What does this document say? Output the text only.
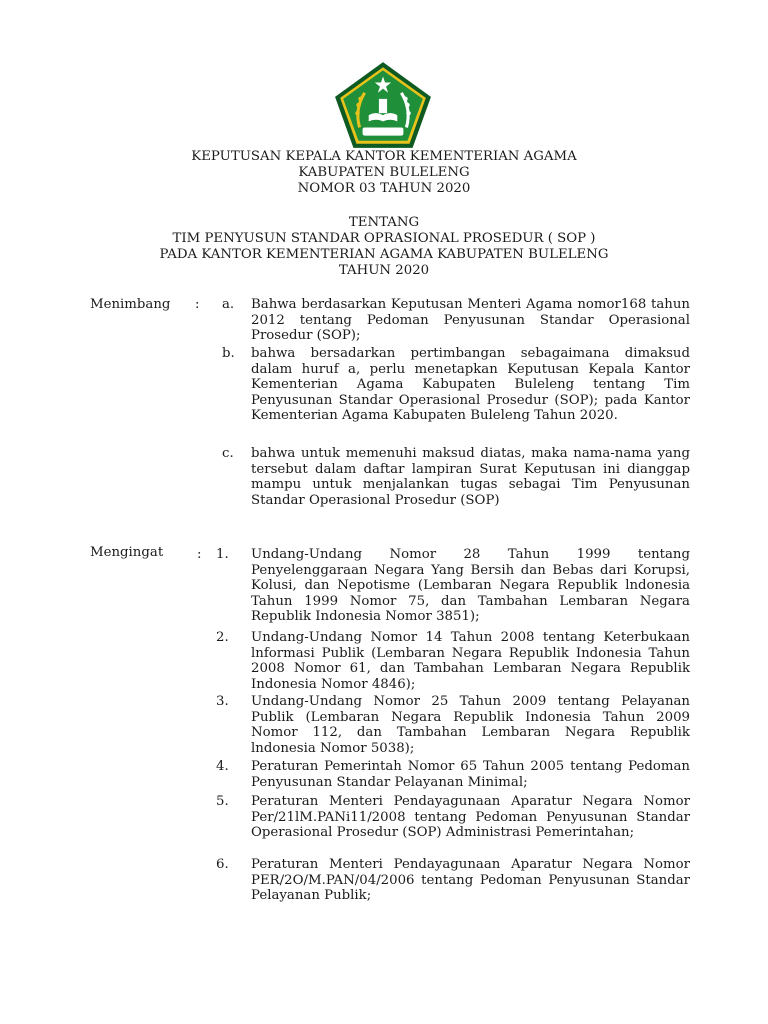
KEPUTUSAN KEPALA KANTOR KEMENTERIAN AGAMA
KABUPATEN BULELENG
NOMOR 03 TAHUN 2020
TENTANG
TIM PENYUSUN STANDAR OPRASIONAL PROSEDUR ( SOP )
PADA KANTOR KEMENTERIAN AGAMA KABUPATEN BULELENG
TAHUN 2020
Menimbang : a. Bahwa berdasarkan Keputusan Menteri Agama nomor168 tahun 2012 tentang Pedoman Penyusunan Standar Operasional Prosedur (SOP);
b. bahwa bersadarkan pertimbangan sebagaimana dimaksud dalam huruf a, perlu menetapkan Keputusan Kepala Kantor Kementerian Agama Kabupaten Buleleng tentang Tim Penyusunan Standar Operasional Prosedur (SOP); pada Kantor Kementerian Agama Kabupaten Buleleng Tahun 2020.
c. bahwa untuk memenuhi maksud diatas, maka nama-nama yang tersebut dalam daftar lampiran Surat Keputusan ini dianggap mampu untuk menjalankan tugas sebagai Tim Penyusunan Standar Operasional Prosedur (SOP)
Mengingat	: 1. Undang-Undang Nomor 28 Tahun 1999 tentang Penyelenggaraan Negara Yang Bersih dan Bebas dari Korupsi, Kolusi, dan Nepotisme (Lembaran Negara Republik lndonesia Tahun 1999 Nomor 75, dan Tambahan Lembaran Negara Republik Indonesia Nomor 3851);
2. Undang-Undang Nomor 14 Tahun 2008 tentang Keterbukaan lnformasi Publik (Lembaran Negara Republik Indonesia Tahun 2008 Nomor 61, dan Tambahan Lembaran Negara Republik Indonesia Nomor 4846);
3. Undang-Undang Nomor 25 Tahun 2009 tentang Pelayanan Publik (Lembaran Negara Republik Indonesia Tahun 2009 Nomor 112, dan Tambahan Lembaran Negara Republik lndonesia Nomor 5038);
4. Peraturan Pemerintah Nomor 65 Tahun 2005 tentang Pedoman Penyusunan Standar Pelayanan Minimal;
5. Peraturan Menteri Pendayagunaan Aparatur Negara Nomor Per/21lM.PANi11/2008 tentang Pedoman Penyusunan Standar Operasional Prosedur (SOP) Administrasi Pemerintahan;
6. Peraturan Menteri Pendayagunaan Aparatur Negara Nomor PER/2O/M.PAN/04/2006 tentang Pedoman Penyusunan Standar Pelayanan Publik;
